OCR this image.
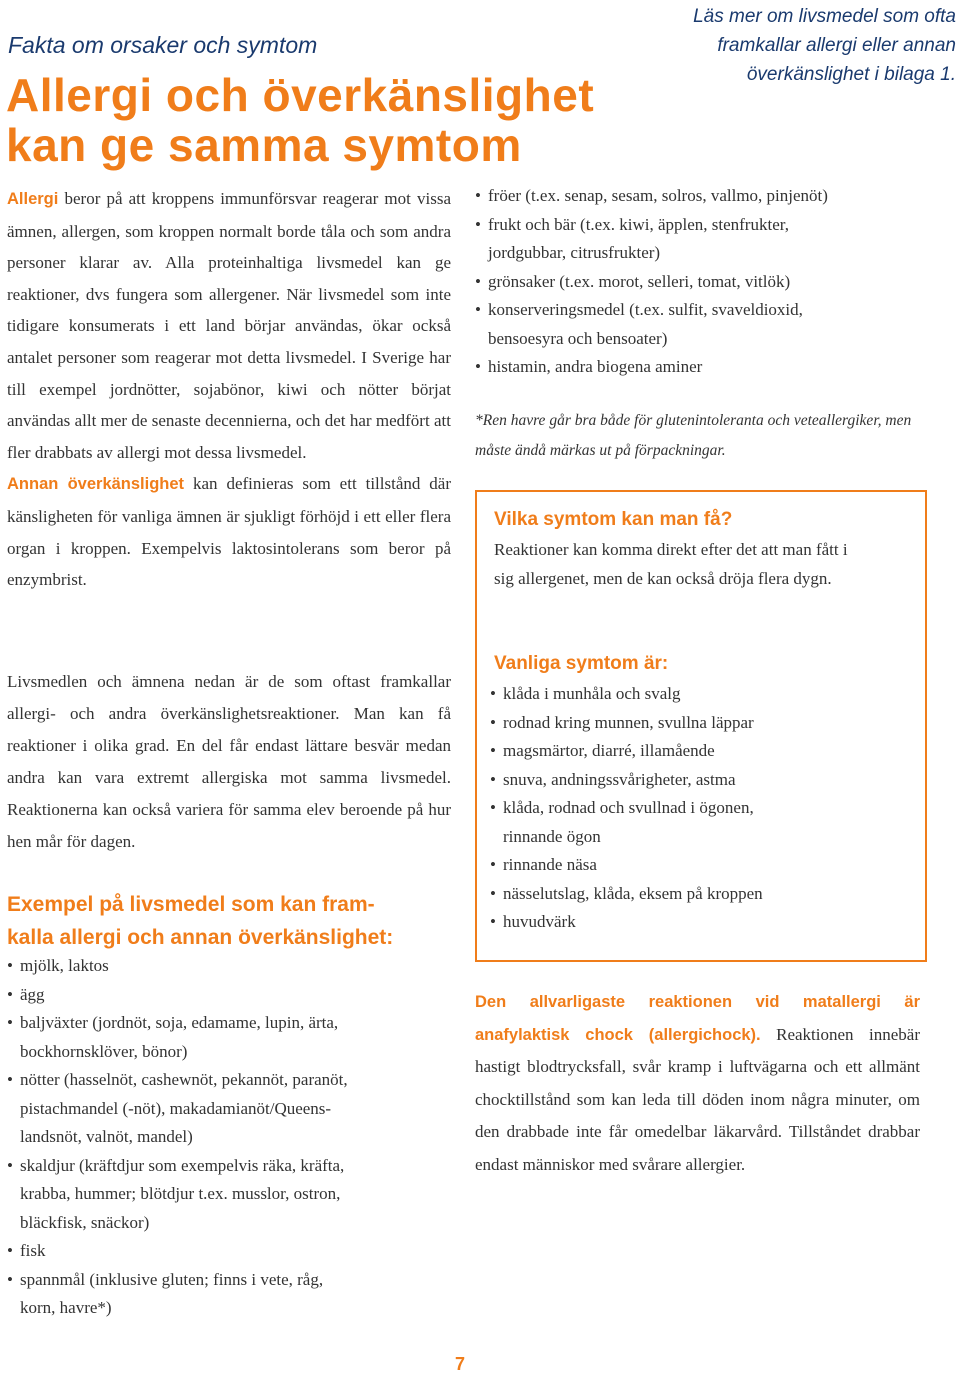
Fakta om orsaker och symtom
Allergi och överkänslighet
kan ge samma symtom
Läs mer om livsmedel som ofta framkallar allergi eller annan överkänslighet i bilaga 1.
Allergi beror på att kroppens immunförsvar reagerar mot vissa ämnen, allergen, som kroppen normalt borde tåla och som andra personer klarar av. Alla proteinhaltiga livsmedel kan ge reaktioner, dvs fungera som allergener. När livsmedel som inte tidigare konsumerats i ett land börjar användas, ökar också antalet personer som reagerar mot detta livsmedel. I Sverige har till exempel jordnötter, sojabönor, kiwi och nötter börjat användas allt mer de senaste decennierna, och det har medfört att fler drabbats av allergi mot dessa livsmedel.
Annan överkänslighet kan definieras som ett tillstånd där känsligheten för vanliga ämnen är sjukligt förhöjd i ett eller flera organ i kroppen. Exempelvis laktosintolerans som beror på enzymbrist.
Livsmedlen och ämnena nedan är de som oftast framkallar allergi- och andra överkänslighetsreaktioner. Man kan få reaktioner i olika grad. En del får endast lättare besvär medan andra kan vara extremt allergiska mot samma livsmedel. Reaktionerna kan också variera för samma elev beroende på hur hen mår för dagen.
Exempel på livsmedel som kan fram-
kalla allergi och annan överkänslighet:
• mjölk, laktos
• ägg
• baljväxter (jordnöt, soja, edamame, lupin, ärta,
bockhornsklöver, bönor)
• nötter (hasselnöt, cashewnöt, pekannöt, paranöt,
pistachmandel (-nöt), makadamianöt/Queens-
landsnöt, valnöt, mandel)
• skaldjur (kräftdjur som exempelvis räka, kräfta,
krabba, hummer; blötdjur t.ex. musslor, ostron,
bläckfisk, snäckor)
• fisk
• spannmål (inklusive gluten; finns i vete, råg,
korn, havre*)
• fröer (t.ex. senap, sesam, solros, vallmo, pinjenöt)
• frukt och bär (t.ex. kiwi, äpplen, stenfrukter,
jordgubbar, citrusfrukter)
• grönsaker (t.ex. morot, selleri, tomat, vitlök)
• konserveringsmedel (t.ex. sulfit, svaveldioxid,
bensoesyra och bensoater)
• histamin, andra biogena aminer
*Ren havre går bra både för glutenintoleranta och veteallergiker, men måste ändå märkas ut på förpackningar.
Vilka symtom kan man få?
Reaktioner kan komma direkt efter det att man fått i sig allergenet, men de kan också dröja flera dygn.
Vanliga symtom är:
• klåda i munhåla och svalg
• rodnad kring munnen, svullna läppar
• magsmärtor, diarré, illamående
• snuva, andningssvårigheter, astma
• klåda, rodnad och svullnad i ögonen,
rinnande ögon
• rinnande näsa
• nässelutslag, klåda, eksem på kroppen
• huvudvärk
Den allvarligaste reaktionen vid matallergi är anafylaktisk chock (allergichock). Reaktionen innebär hastigt blodtrycksfall, svår kramp i luftvägarna och ett allmänt chocktillstånd som kan leda till döden inom några minuter, om den drabbade inte får omedelbar läkarvård. Tillståndet drabbar endast människor med svårare allergier.
7
